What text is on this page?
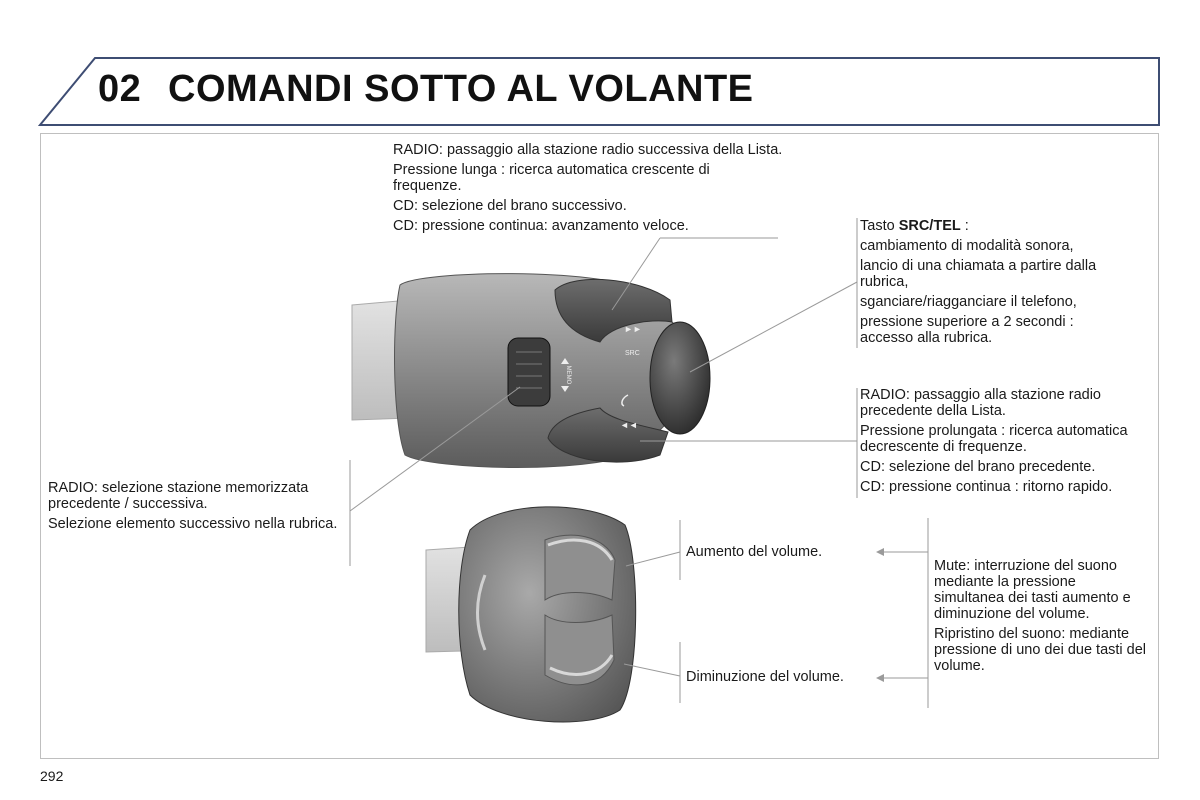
02 COMANDI SOTTO AL VOLANTE
MEMO
SRC
►►
◄◄

RADIO: passaggio alla stazione radio successiva della Lista.

Pressione lunga : ricerca automatica crescente di frequenze.

CD: selezione del brano successivo.

CD: pressione continua: avanzamento veloce.	Tasto SRC/TEL :

cambiamento di modalità sonora,

lancio di una chiamata a partire dalla rubrica,

sganciare/riagganciare il telefono,

pressione superiore a 2 secondi : accesso alla rubrica.

RADIO: passaggio alla stazione radio precedente della Lista.

Pressione prolungata : ricerca automatica decrescente di frequenze.

CD: selezione del brano precedente.

CD: pressione continua : ritorno rapido.

RADIO: selezione stazione memorizzata precedente / successiva.

Selezione elemento successivo nella rubrica.

Aumento del volume.
Diminuzione del volume.

Mute: interruzione del suono mediante la pressione simultanea dei tasti aumento e diminuzione del volume.

Ripristino del suono: mediante pressione di uno dei due tasti del volume.

292
